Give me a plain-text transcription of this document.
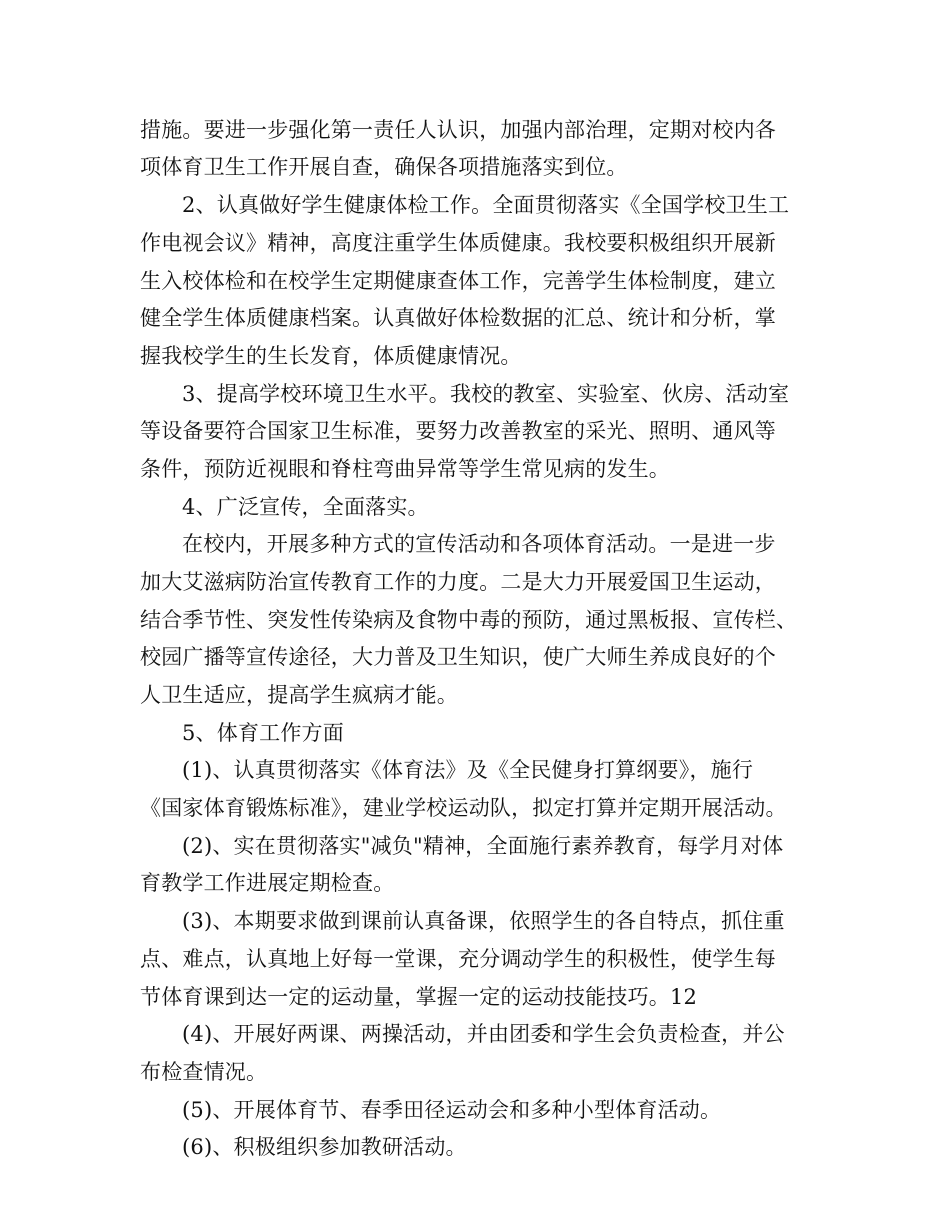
措施。要进一步强化第一责任人认识，加强内部治理，定期对校内各
项体育卫生工作开展自查，确保各项措施落实到位。
2、认真做好学生健康体检工作。全面贯彻落实《全国学校卫生工
作电视会议》精神，高度注重学生体质健康。我校要积极组织开展新
生入校体检和在校学生定期健康查体工作，完善学生体检制度，建立
健全学生体质健康档案。认真做好体检数据的汇总、统计和分析，掌
握我校学生的生长发育，体质健康情况。
3、提高学校环境卫生水平。我校的教室、实验室、伙房、活动室
等设备要符合国家卫生标准，要努力改善教室的采光、照明、通风等
条件，预防近视眼和脊柱弯曲异常等学生常见病的发生。
4、广泛宣传，全面落实。
在校内，开展多种方式的宣传活动和各项体育活动。一是进一步
加大艾滋病防治宣传教育工作的力度。二是大力开展爱国卫生运动，
结合季节性、突发性传染病及食物中毒的预防，通过黑板报、宣传栏、
校园广播等宣传途径，大力普及卫生知识，使广大师生养成良好的个
人卫生适应，提高学生疯病才能。
5、体育工作方面
(1)、认真贯彻落实《体育法》及《全民健身打算纲要》，施行
《国家体育锻炼标准》，建业学校运动队，拟定打算并定期开展活动。
(2)、实在贯彻落实"减负"精神，全面施行素养教育，每学月对体
育教学工作进展定期检查。
(3)、本期要求做到课前认真备课，依照学生的各自特点，抓住重
点、难点，认真地上好每一堂课，充分调动学生的积极性，使学生每
节体育课到达一定的运动量，掌握一定的运动技能技巧。12
(4)、开展好两课、两操活动，并由团委和学生会负责检查，并公
布检查情况。
(5)、开展体育节、春季田径运动会和多种小型体育活动。
(6)、积极组织参加教研活动。
